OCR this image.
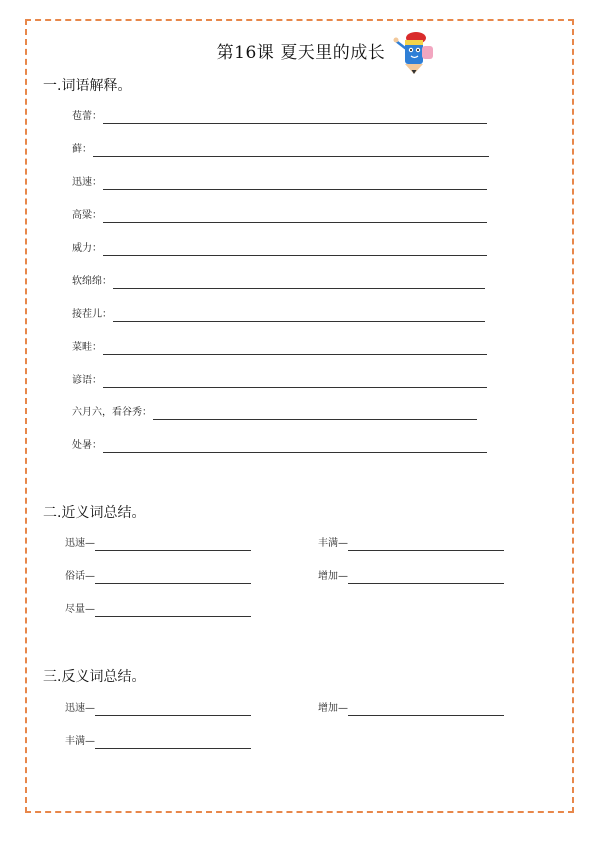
第16课 夏天里的成长
一.词语解释。
苞蕾：
藓：
迅速：
高粱：
威力：
软绵绵：
接茬儿：
菜畦：
谚语：
六月六，看谷秀：
处暑：
二.近义词总结。
迅速—	丰满—
俗话—	增加—
尽量—
三.反义词总结。
迅速—	增加—
丰满—
